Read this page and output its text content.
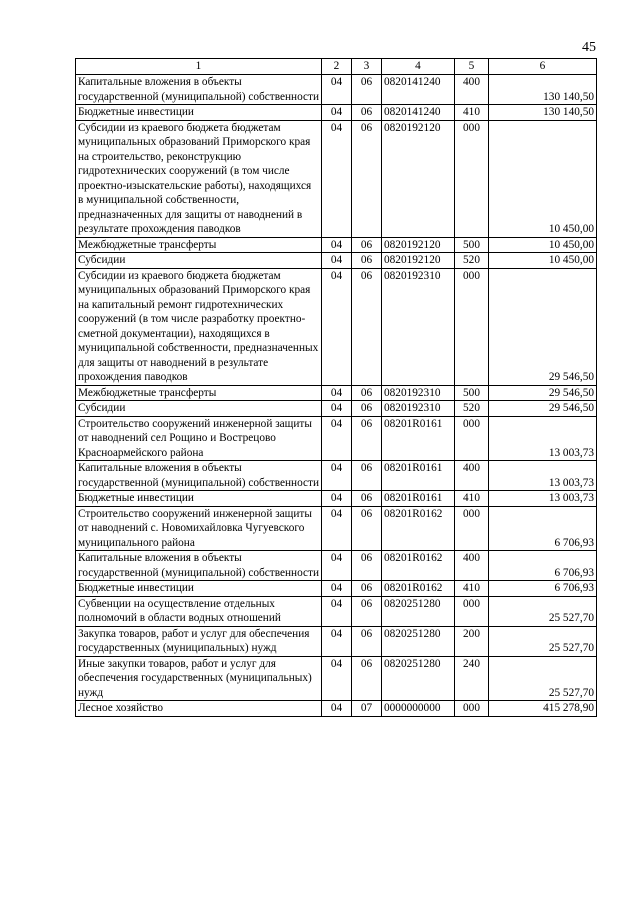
45
1	2	3	4	5	6
Капитальные вложения в объекты государственной (муниципальной) собственности	04	06	0820141240	400	130 140,50
Бюджетные инвестиции	04	06	0820141240	410	130 140,50
Субсидии из краевого бюджета бюджетам муниципальных образований Приморского края на строительство, реконструкцию гидротехнических сооружений (в том числе проектно-изыскательские работы), находящихся в муниципальной собственности, предназначенных для защиты от наводнений в результате прохождения паводков	04	06	0820192120	000	10 450,00
Межбюджетные трансферты	04	06	0820192120	500	10 450,00
Субсидии	04	06	0820192120	520	10 450,00
Субсидии из краевого бюджета бюджетам муниципальных образований Приморского края на капитальный ремонт гидротехнических сооружений (в том числе разработку проектно-сметной документации), находящихся в муниципальной собственности, предназначенных для защиты от наводнений в результате прохождения паводков	04	06	0820192310	000	29 546,50
Межбюджетные трансферты	04	06	0820192310	500	29 546,50
Субсидии	04	06	0820192310	520	29 546,50
Строительство сооружений инженерной защиты от наводнений сел Рощино и Вострецово Красноармейского района	04	06	08201R0161	000	13 003,73
Капитальные вложения в объекты государственной (муниципальной) собственности	04	06	08201R0161	400	13 003,73
Бюджетные инвестиции	04	06	08201R0161	410	13 003,73
Строительство сооружений инженерной защиты от наводнений с. Новомихайловка Чугуевского муниципального района	04	06	08201R0162	000	6 706,93
Капитальные вложения в объекты государственной (муниципальной) собственности	04	06	08201R0162	400	6 706,93
Бюджетные инвестиции	04	06	08201R0162	410	6 706,93
Субвенции на осуществление отдельных полномочий в области водных отношений	04	06	0820251280	000	25 527,70
Закупка товаров, работ и услуг для обеспечения государственных (муниципальных) нужд	04	06	0820251280	200	25 527,70
Иные закупки товаров, работ и услуг для обеспечения государственных (муниципальных) нужд	04	06	0820251280	240	25 527,70
Лесное хозяйство	04	07	0000000000	000	415 278,90
